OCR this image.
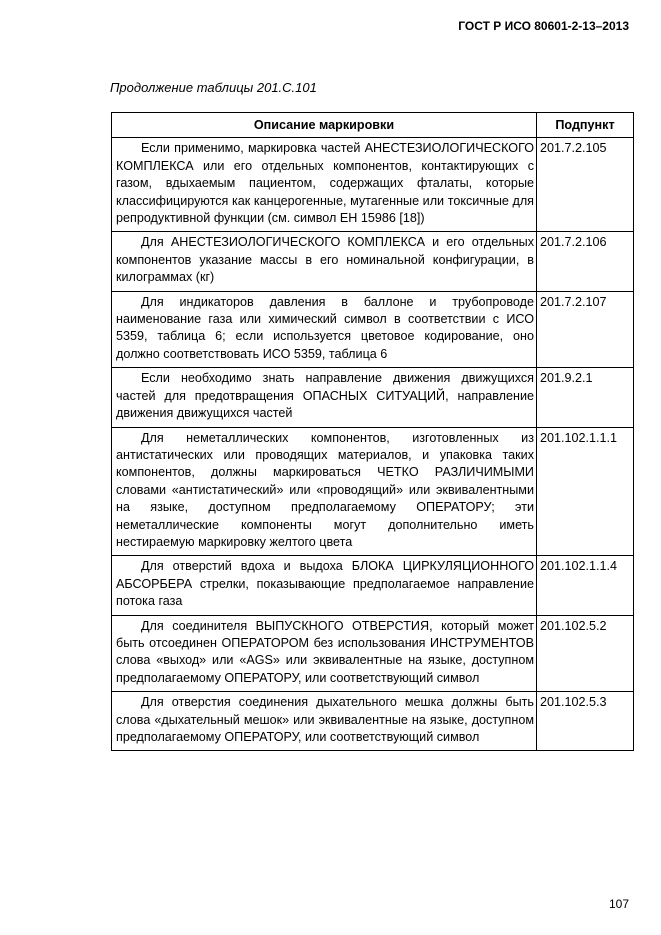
ГОСТ Р ИСО 80601-2-13–2013
Продолжение таблицы 201.C.101
Описание маркировки	Подпункт
Если применимо, маркировка частей АНЕСТЕЗИОЛОГИЧЕСКОГО КОМПЛЕКСА или его отдельных компонентов, контактирующих с газом, вдыхаемым пациентом, содержащих фталаты, которые классифицируются как канцерогенные, мутагенные или токсичные для репродуктивной функции (см. символ ЕН 15986 [18])	201.7.2.105
Для АНЕСТЕЗИОЛОГИЧЕСКОГО КОМПЛЕКСА и его отдельных компонентов указание массы в его номинальной конфигурации, в килограммах (кг)	201.7.2.106
Для индикаторов давления в баллоне и трубопроводе наименование газа или химический символ в соответствии с ИСО 5359, таблица 6; если используется цветовое кодирование, оно должно соответствовать ИСО 5359, таблица 6	201.7.2.107
Если необходимо знать направление движения движущихся частей для предотвращения ОПАСНЫХ СИТУАЦИЙ, направление движения движущихся частей	201.9.2.1
Для неметаллических компонентов, изготовленных из антистатических или проводящих материалов, и упаковка таких компонентов, должны маркироваться ЧЕТКО РАЗЛИЧИМЫМИ словами «антистатический» или «проводящий» или эквивалентными на языке, доступном предполагаемому ОПЕРАТОРУ; эти неметаллические компоненты могут дополнительно иметь нестираемую маркировку желтого цвета	201.102.1.1.1
Для отверстий вдоха и выдоха БЛОКА ЦИРКУЛЯЦИОННОГО АБСОРБЕРА стрелки, показывающие предполагаемое направление потока газа	201.102.1.1.4
Для соединителя ВЫПУСКНОГО ОТВЕРСТИЯ, который может быть отсоединен ОПЕРАТОРОМ без использования ИНСТРУМЕНТОВ слова «выход» или «AGS» или эквивалентные на языке, доступном предполагаемому ОПЕРАТОРУ, или соответствующий символ	201.102.5.2
Для отверстия соединения дыхательного мешка должны быть слова «дыхательный мешок» или эквивалентные на языке, доступном предполагаемому ОПЕРАТОРУ, или соответствующий символ	201.102.5.3
107
